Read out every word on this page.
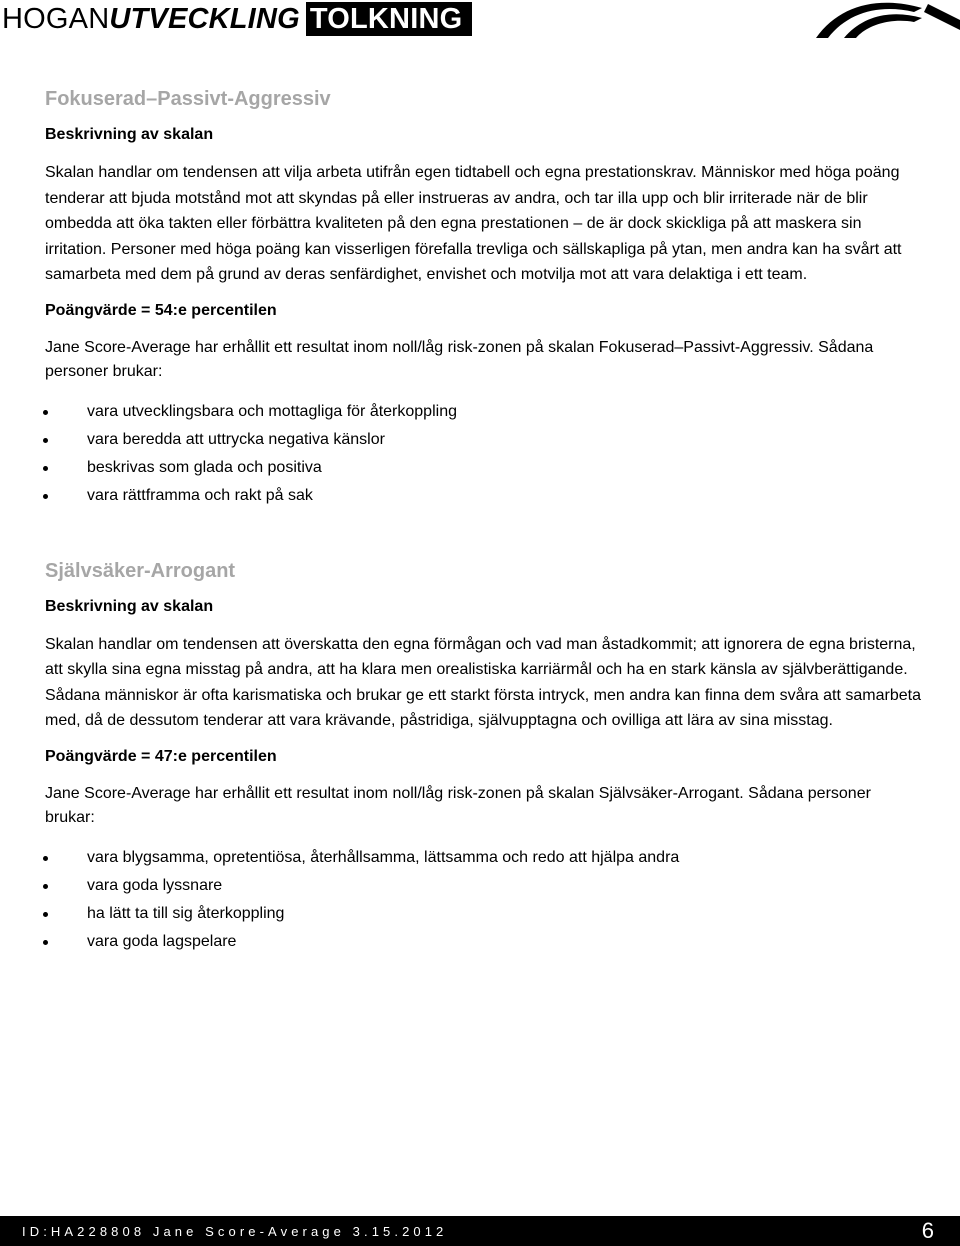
HOGAN UTVECKLING TOLKNING
Fokuserad–Passivt-Aggressiv

Beskrivning av skalan

Skalan handlar om tendensen att vilja arbeta utifrån egen tidtabell och egna prestationskrav. Människor med höga poäng tenderar att bjuda motstånd mot att skyndas på eller instrueras av andra, och tar illa upp och blir irriterade när de blir ombedda att öka takten eller förbättra kvaliteten på den egna prestationen – de är dock skickliga på att maskera sin irritation. Personer med höga poäng kan visserligen förefalla trevliga och sällskapliga på ytan, men andra kan ha svårt att samarbeta med dem på grund av deras senfärdighet, envishet och motvilja mot att vara delaktiga i ett team.

Poängvärde = 54:e percentilen

Jane Score-Average har erhållit ett resultat inom noll/låg risk-zonen på skalan Fokuserad–Passivt-Aggressiv. Sådana personer brukar:

vara utvecklingsbara och mottagliga för återkoppling
vara beredda att uttrycka negativa känslor
beskrivas som glada och positiva
vara rättframma och rakt på sak
Självsäker-Arrogant

Beskrivning av skalan

Skalan handlar om tendensen att överskatta den egna förmågan och vad man åstadkommit; att ignorera de egna bristerna, att skylla sina egna misstag på andra, att ha klara men orealistiska karriärmål och ha en stark känsla av självberättigande. Sådana människor är ofta karismatiska och brukar ge ett starkt första intryck, men andra kan finna dem svåra att samarbeta med, då de dessutom tenderar att vara krävande, påstridiga, självupptagna och ovilliga att lära av sina misstag.

Poängvärde = 47:e percentilen

Jane Score-Average har erhållit ett resultat inom noll/låg risk-zonen på skalan Självsäker-Arrogant. Sådana personer brukar:

vara blygsamma, opretentiösa, återhållsamma, lättsamma och redo att hjälpa andra
vara goda lyssnare
ha lätt ta till sig återkoppling
vara goda lagspelare
ID:HA228808 Jane Score-Average 3.15.2012	6
